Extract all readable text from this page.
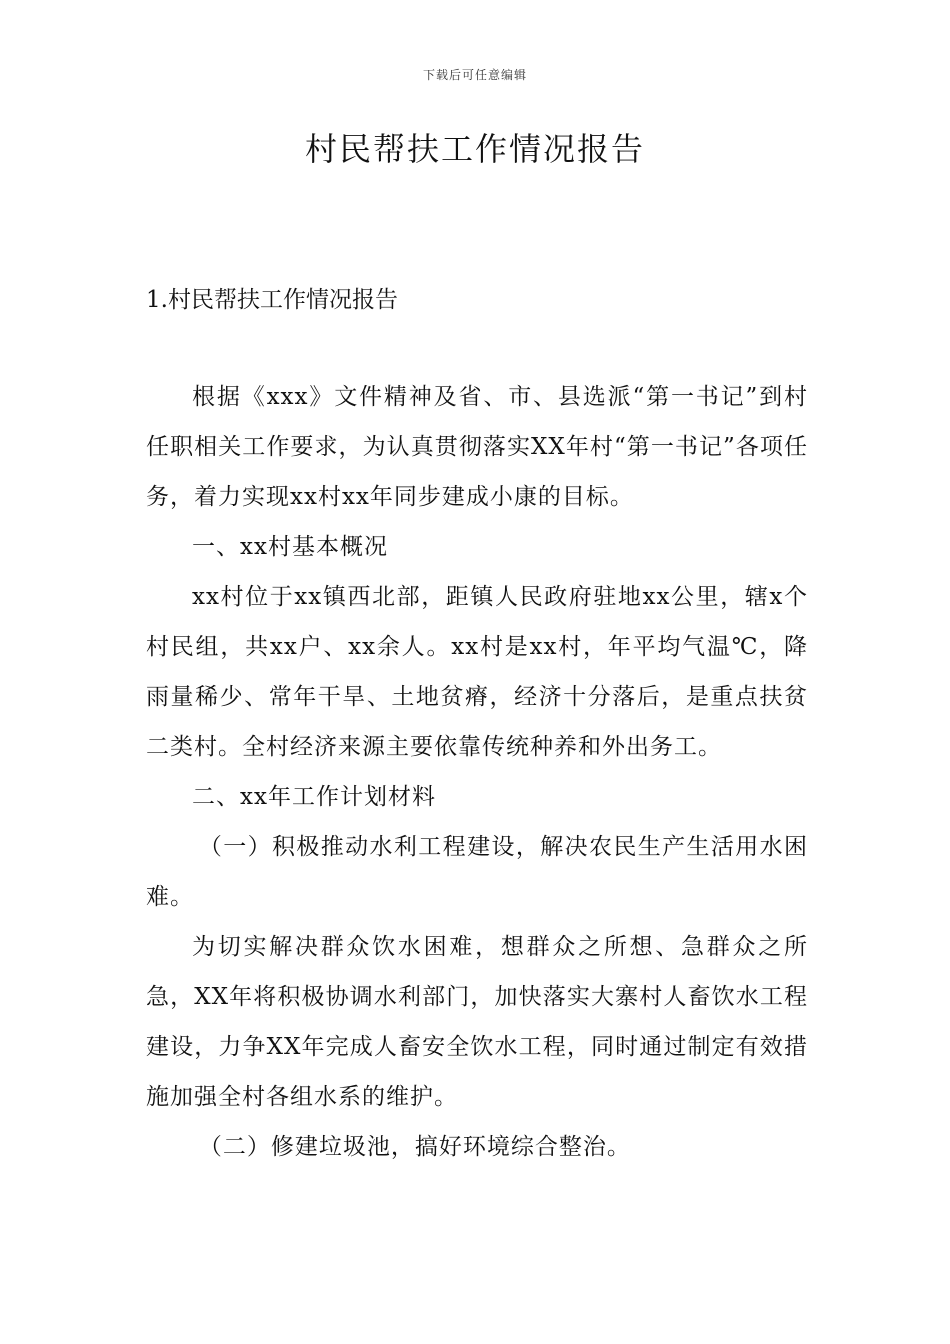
下载后可任意编辑
村民帮扶工作情况报告
1.村民帮扶工作情况报告

根据《xxx》文件精神及省、市、县选派“第一书记”到村任职相关工作要求，为认真贯彻落实XX年村“第一书记”各项任务，着力实现xx村xx年同步建成小康的目标。

一、xx村基本概况

xx村位于xx镇西北部，距镇人民政府驻地xx公里，辖x个村民组，共xx户、xx余人。xx村是xx村，年平均气温℃，降雨量稀少、常年干旱、土地贫瘠，经济十分落后，是重点扶贫二类村。全村经济来源主要依靠传统种养和外出务工。

二、xx年工作计划材料

（一）积极推动水利工程建设，解决农民生产生活用水困难。

为切实解决群众饮水困难，想群众之所想、急群众之所急，XX年将积极协调水利部门，加快落实大寨村人畜饮水工程建设，力争XX年完成人畜安全饮水工程，同时通过制定有效措施加强全村各组水系的维护。

（二）修建垃圾池，搞好环境综合整治。
